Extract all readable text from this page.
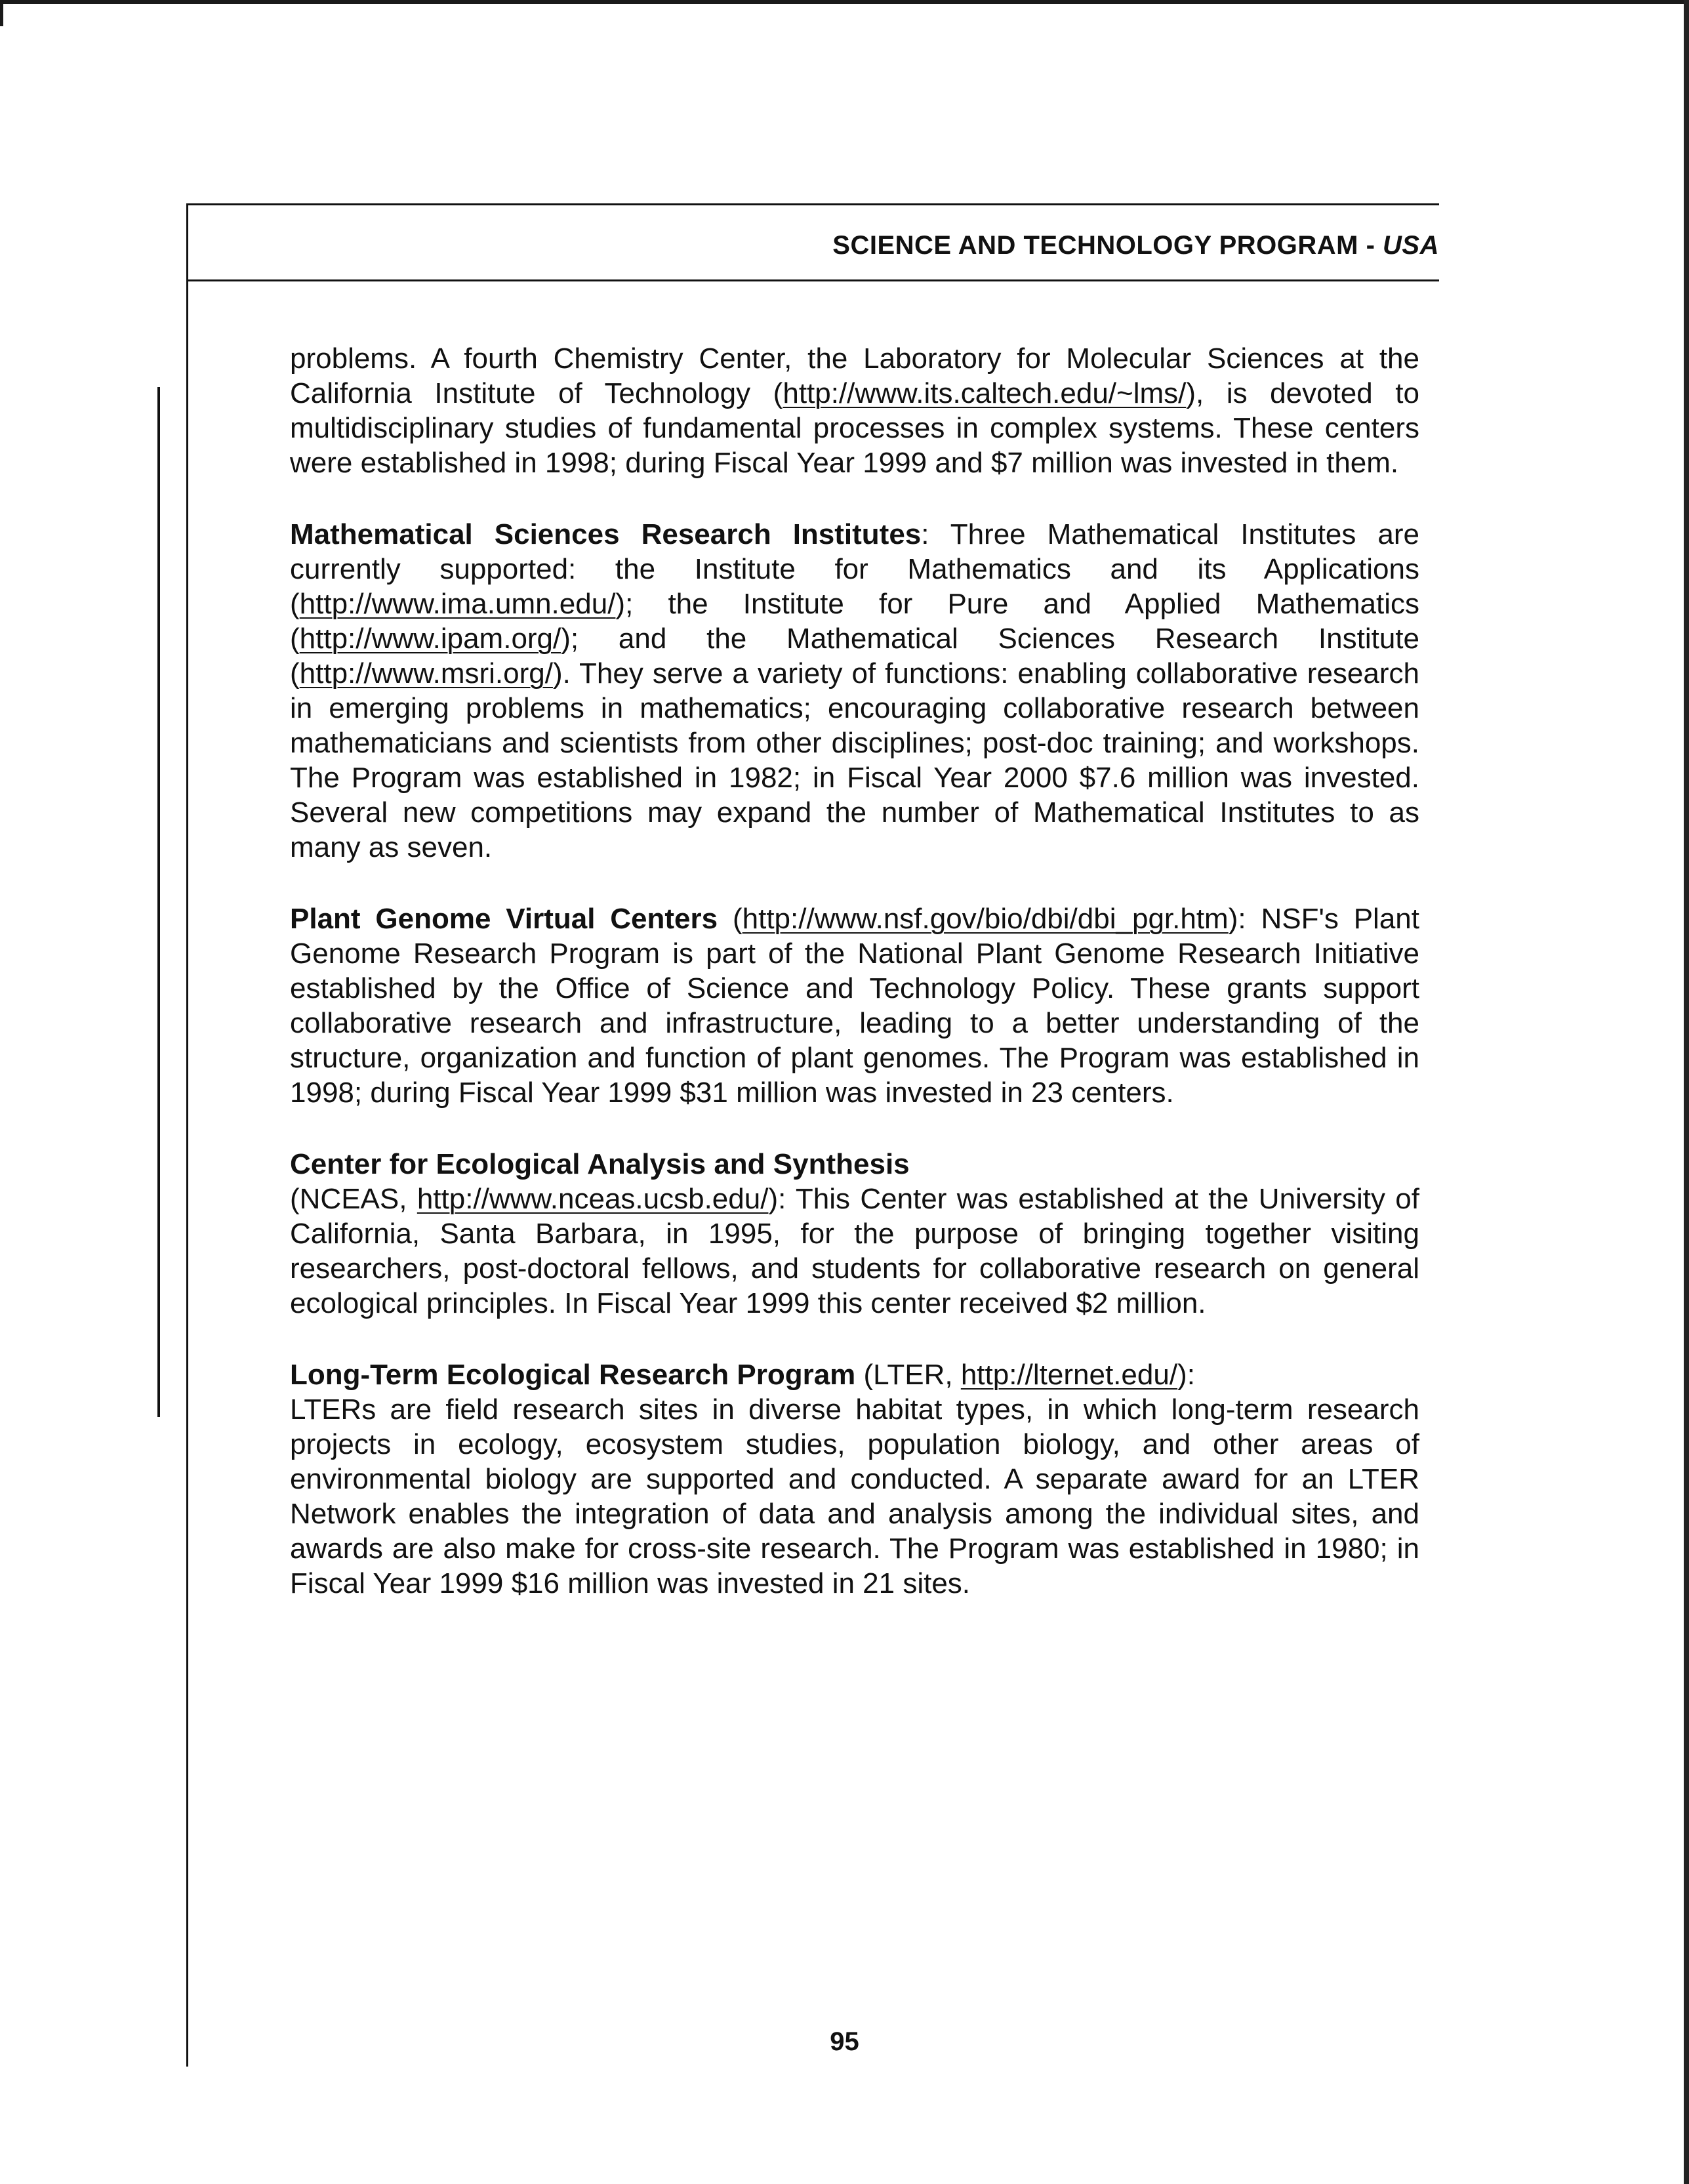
SCIENCE AND TECHNOLOGY PROGRAM - USA

problems. A fourth Chemistry Center, the Laboratory for Molecular Sciences at the California Institute of Technology (http://www.its.caltech.edu/~lms/), is devoted to multidisciplinary studies of fundamental processes in complex systems. These centers were established in 1998; during Fiscal Year 1999 and $7 million was invested in them.

Mathematical Sciences Research Institutes: Three Mathematical Institutes are currently supported: the Institute for Mathematics and its Applications (http://www.ima.umn.edu/); the Institute for Pure and Applied Mathematics (http://www.ipam.org/); and the Mathematical Sciences Research Institute (http://www.msri.org/). They serve a variety of functions: enabling collaborative research in emerging problems in mathematics; encouraging collaborative research between mathematicians and scientists from other disciplines; post-doc training; and workshops. The Program was established in 1982; in Fiscal Year 2000 $7.6 million was invested. Several new competitions may expand the number of Mathematical Institutes to as many as seven.

Plant Genome Virtual Centers (http://www.nsf.gov/bio/dbi/dbi_pgr.htm): NSF's Plant Genome Research Program is part of the National Plant Genome Research Initiative established by the Office of Science and Technology Policy. These grants support collaborative research and infrastructure, leading to a better understanding of the structure, organization and function of plant genomes. The Program was established in 1998; during Fiscal Year 1999 $31 million was invested in 23 centers.

Center for Ecological Analysis and Synthesis
(NCEAS, http://www.nceas.ucsb.edu/): This Center was established at the University of California, Santa Barbara, in 1995, for the purpose of bringing together visiting researchers, post-doctoral fellows, and students for collaborative research on general ecological principles. In Fiscal Year 1999 this center received $2 million.

Long-Term Ecological Research Program (LTER, http://lternet.edu/):
LTERs are field research sites in diverse habitat types, in which long-term research projects in ecology, ecosystem studies, population biology, and other areas of environmental biology are supported and conducted. A separate award for an LTER Network enables the integration of data and analysis among the individual sites, and awards are also make for cross-site research. The Program was established in 1980; in Fiscal Year 1999 $16 million was invested in 21 sites.

95
